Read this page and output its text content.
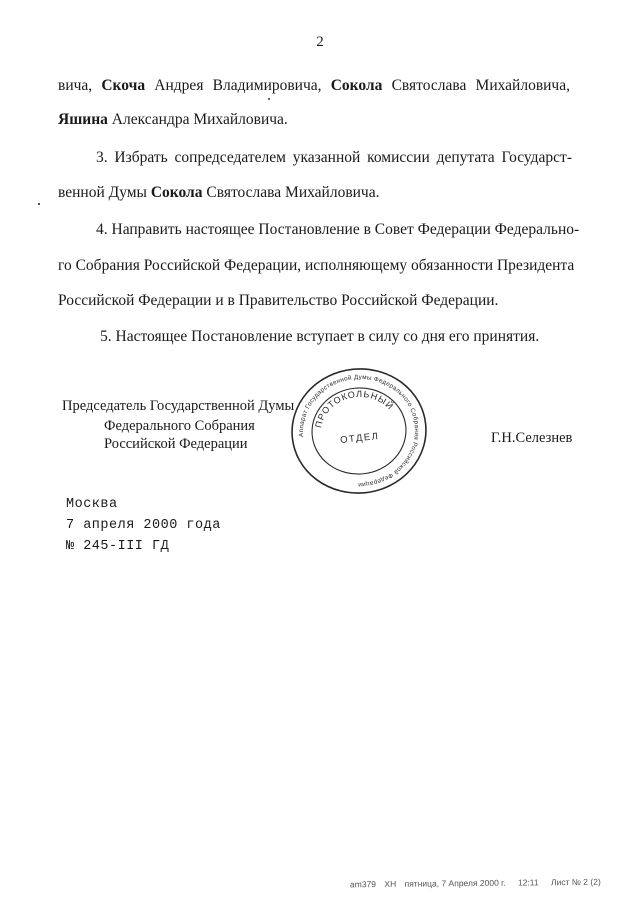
2
вича, Скоча Андрея Владимировича, Сокола Святослава Михайловича,
Яшина Александра Михайловича.
3. Избрать сопредседателем указанной комиссии депутата Государст-
венной Думы Сокола Святослава Михайловича.
4. Направить настоящее Постановление в Совет Федерации Федерально-
го Собрания Российской Федерации, исполняющему обязанности Президента
Российской Федерации и в Правительство Российской Федерации.
5. Настоящее Постановление вступает в силу со дня его принятия.
Председатель Государственной Думы
Федерального Собрания
Российской Федерации	Г.Н.Селезнев
Аппарат Государственной Думы Федерального Собрания Российской Федерации
ПРОТОКОЛЬНЫЙ
ОТДЕЛ
Москва
7 апреля 2000 года
№ 245-III ГД
am379 XH пятница, 7 Апреля 2000 г. 12:11 Лист № 2 (2)
